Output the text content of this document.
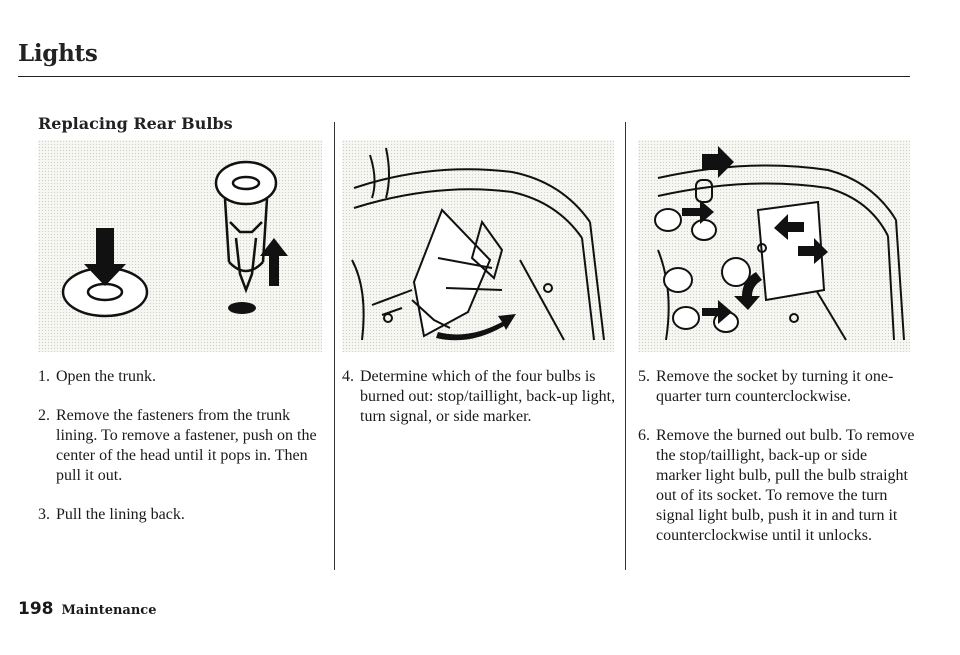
Lights
Replacing Rear Bulbs
1. Open the trunk.
2. Remove the fasteners from the trunk lining. To remove a fastener, push on the center of the head until it pops in. Then pull it out.
3. Pull the lining back.
4. Determine which of the four bulbs is burned out: stop/taillight, back-up light, turn signal, or side marker.
5. Remove the socket by turning it one-quarter turn counterclockwise.
6. Remove the burned out bulb. To remove the stop/taillight, back-up or side marker light bulb, pull the bulb straight out of its socket. To remove the turn signal light bulb, push it in and turn it counterclockwise until it unlocks.
198 Maintenance
